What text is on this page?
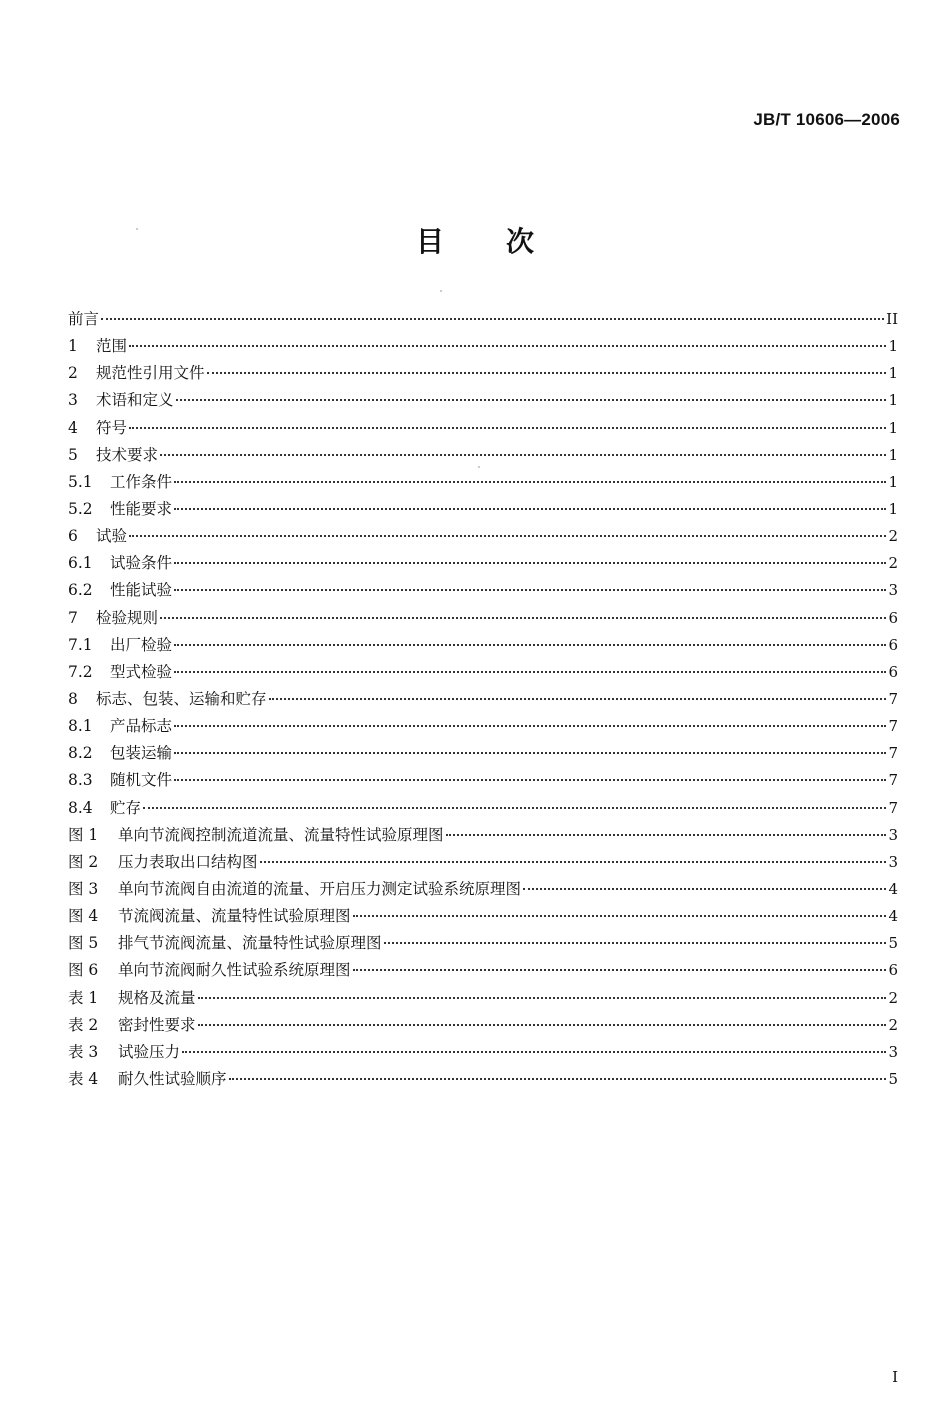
JB/T 10606—2006
目次
前言	II
1	范围	1
2	规范性引用文件	1
3	术语和定义	1
4	符号	1
5	技术要求	1
5.1	工作条件	1
5.2	性能要求	1
6	试验	2
6.1	试验条件	2
6.2	性能试验	3
7	检验规则	6
7.1	出厂检验	6
7.2	型式检验	6
8	标志、包装、运输和贮存	7
8.1	产品标志	7
8.2	包装运输	7
8.3	随机文件	7
8.4	贮存	7
图 1	单向节流阀控制流道流量、流量特性试验原理图	3
图 2	压力表取出口结构图	3
图 3	单向节流阀自由流道的流量、开启压力测定试验系统原理图	4
图 4	节流阀流量、流量特性试验原理图	4
图 5	排气节流阀流量、流量特性试验原理图	5
图 6	单向节流阀耐久性试验系统原理图	6
表 1	规格及流量	2
表 2	密封性要求	2
表 3	试验压力	3
表 4	耐久性试验顺序	5
I
